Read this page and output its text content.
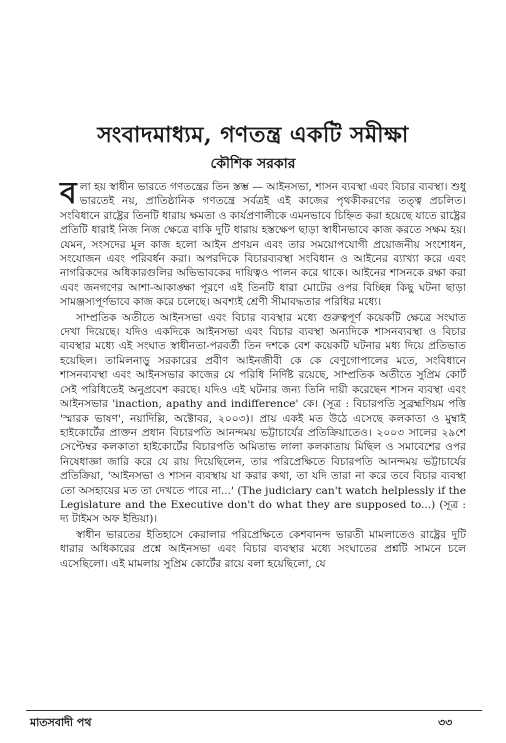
সংবাদমাধ্যম, গণতন্ত্র একটি সমীক্ষা
কৌশিক সরকার

বলা হয় স্বাধীন ভারতে গণতন্ত্রের তিন স্তম্ভ — আইনসভা, শাসন ব্যবস্থা এবং বিচার ব্যবস্থা। শুধু ভারতেই নয়, প্রাতিষ্ঠানিক গণতন্ত্রে সর্বত্রই এই কাজের পৃথকীকরণের তত্ত্ব প্রচলিত। সংবিধানে রাষ্ট্রের তিনটি ধারায় ক্ষমতা ও কার্যপ্রণালীকে এমনভাবে চিহ্নিত করা হয়েছে যাতে রাষ্ট্রের প্রতিটি ধারাই নিজ নিজ ক্ষেত্রে বাকি দুটি ধারায় হস্তক্ষেপ ছাড়া স্বাধীনভাবে কাজ করতে সক্ষম হয়। যেমন, সংসদের মূল কাজ হলো আইন প্রণয়ন এবং তার সময়োপযোগী প্রয়োজনীয় সংশোধন, সংযোজন এবং পরিবর্ধন করা। অপরদিকে বিচারব্যবস্থা সংবিধান ও আইনের ব্যাখ্যা করে এবং নাগরিকদের অধিকারগুলির অভিভাবকের দায়িত্বও পালন করে থাকে। আইনের শাসনকে রক্ষা করা এবং জনগণের আশা-আকাঙ্ক্ষা পূরণে এই তিনটি ধারা মোটের ওপর বিচ্ছিন্ন কিছু ঘটনা ছাড়া সামঞ্জস্যপূর্ণভাবে কাজ করে চলেছে। অবশ্যই শ্রেণী সীমাবদ্ধতার পরিধির মধ্যে।

সাম্প্রতিক অতীতে আইনসভা এবং বিচার ব্যবস্থার মধ্যে গুরুত্বপূর্ণ কয়েকটি ক্ষেত্রে সংঘাত দেখা দিয়েছে। যদিও একদিকে আইনসভা এবং বিচার ব্যবস্থা অন্যদিকে শাসনব্যবস্থা ও বিচার ব্যবস্থার মধ্যে এই সংঘাত স্বাধীনতা-পরবর্তী তিন দশকে বেশ কয়েকটি ঘটনার মধ্য দিয়ে প্রতিভাত হয়েছিল। তামিলনাড়ু সরকারের প্রবীণ আইনজীবী কে কে বেণুগোপালের মতে, সংবিধানে শাসনব্যবস্থা এবং আইনসভার কাজের যে পরিধি নির্দিষ্ট রয়েছে, সাম্প্রতিক অতীতে সুপ্রিম কোর্ট সেই পরিধিতেই অনুপ্রবেশ করছে। যদিও এই ঘটনার জন্য তিনি দায়ী করেছেন শাসন ব্যবস্থা এবং আইনসভার 'inaction, apathy and indifference' কে। (সূত্র : বিচারপতি সুব্রহ্মণিয়ম পত্তি 'স্মারক ভাষণ', নয়াদিল্লি, অক্টোবর, ২০০৩)। প্রায় একই মত উঠে এসেছে কলকাতা ও মুম্বাই হাইকোর্টের প্রাক্তন প্রধান বিচারপতি আনন্দময় ভট্টাচার্যের প্রতিক্রিয়াতেও। ২০০৩ সালের ২৯শে সেপ্টেম্বর কলকাতা হাইকোর্টের বিচারপতি অমিতাভ লালা কলকাতায় মিছিল ও সমাবেশের ওপর নিষেধাজ্ঞা জারি করে যে রায় দিয়েছিলেন, তার পরিপ্রেক্ষিতে বিচারপতি আনন্দময় ভট্টাচার্যের প্রতিক্রিয়া, 'আইনসভা ও শাসন ব্যবস্থায় যা করার কথা, তা যদি তারা না করে তবে বিচার ব্যবস্থা তো অসহায়ের মত তা দেখতে পারে না...' (The judiciary can't watch helplessly if the Legislature and the Executive don't do what they are supposed to...) (সূত্র : দ্য টাইমস অফ ইন্ডিয়া)।

স্বাধীন ভারতের ইতিহাসে কেরালার পরিপ্রেক্ষিতে কেশবানন্দ ভারতী মামলাতেও রাষ্ট্রের দুটি ধারার অধিকারের প্রশ্নে আইনসভা এবং বিচার ব্যবস্থার মধ্যে সংঘাতের প্রশ্নটি সামনে চলে এসেছিলো। এই মামলায় সুপ্রিম কোর্টের রায়ে বলা হয়েছিলো, যে

মাতসবাদী পথ	৩৩
